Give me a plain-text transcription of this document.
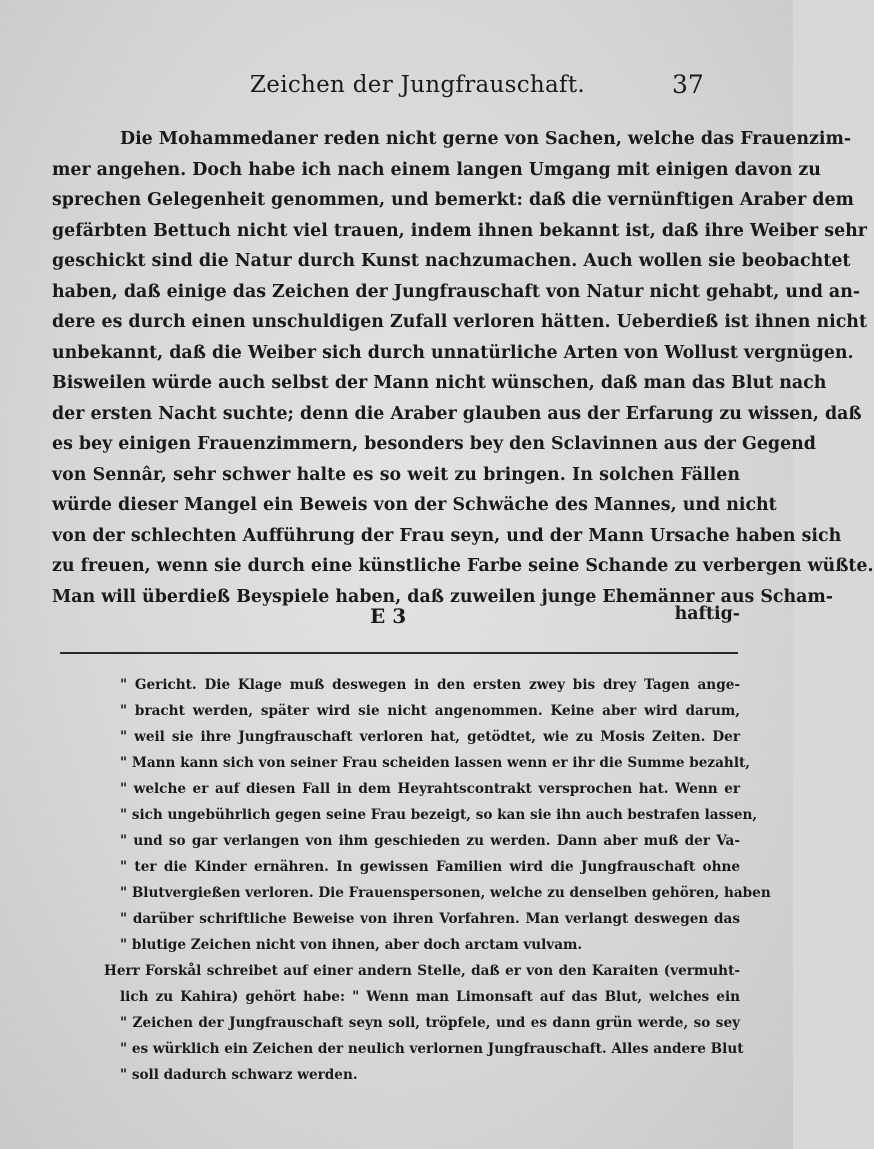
Zeichen der Jungfrauschaft.	37
Die Mohammedaner reden nicht gerne von Sachen, welche das Frauenzim-
mer angehen. Doch habe ich nach einem langen Umgang mit einigen davon zu
sprechen Gelegenheit genommen, und bemerkt: daß die vernünftigen Araber dem
gefärbten Bettuch nicht viel trauen, indem ihnen bekannt ist, daß ihre Weiber sehr
geschickt sind die Natur durch Kunst nachzumachen. Auch wollen sie beobachtet
haben, daß einige das Zeichen der Jungfrauschaft von Natur nicht gehabt, und an-
dere es durch einen unschuldigen Zufall verloren hätten. Ueberdieß ist ihnen nicht
unbekannt, daß die Weiber sich durch unnatürliche Arten von Wollust vergnügen.
Bisweilen würde auch selbst der Mann nicht wünschen, daß man das Blut nach
der ersten Nacht suchte; denn die Araber glauben aus der Erfarung zu wissen, daß
es bey einigen Frauenzimmern, besonders bey den Sclavinnen aus der Gegend
von Sennâr, sehr schwer halte es so weit zu bringen. In solchen Fällen
würde dieser Mangel ein Beweis von der Schwäche des Mannes, und nicht
von der schlechten Aufführung der Frau seyn, und der Mann Ursache haben sich
zu freuen, wenn sie durch eine künstliche Farbe seine Schande zu verbergen wüßte.
Man will überdieß Beyspiele haben, daß zuweilen junge Ehemänner aus Scham-
E 3	haftig-
" Gericht. Die Klage muß deswegen in den ersten zwey bis drey Tagen ange-
" bracht werden, später wird sie nicht angenommen. Keine aber wird darum,
" weil sie ihre Jungfrauschaft verloren hat, getödtet, wie zu Mosis Zeiten. Der
" Mann kann sich von seiner Frau scheiden lassen wenn er ihr die Summe bezahlt,
" welche er auf diesen Fall in dem Heyrahtscontrakt versprochen hat. Wenn er
" sich ungebührlich gegen seine Frau bezeigt, so kan sie ihn auch bestrafen lassen,
" und so gar verlangen von ihm geschieden zu werden. Dann aber muß der Va-
" ter die Kinder ernähren. In gewissen Familien wird die Jungfrauschaft ohne
" Blutvergießen verloren. Die Frauenspersonen, welche zu denselben gehören, haben
" darüber schriftliche Beweise von ihren Vorfahren. Man verlangt deswegen das
" blutige Zeichen nicht von ihnen, aber doch arctam vulvam.
Herr Forskål schreibet auf einer andern Stelle, daß er von den Karaiten (vermuht-
lich zu Kahira) gehört habe: " Wenn man Limonsaft auf das Blut, welches ein
" Zeichen der Jungfrauschaft seyn soll, tröpfele, und es dann grün werde, so sey
" es würklich ein Zeichen der neulich verlornen Jungfrauschaft. Alles andere Blut
" soll dadurch schwarz werden.
